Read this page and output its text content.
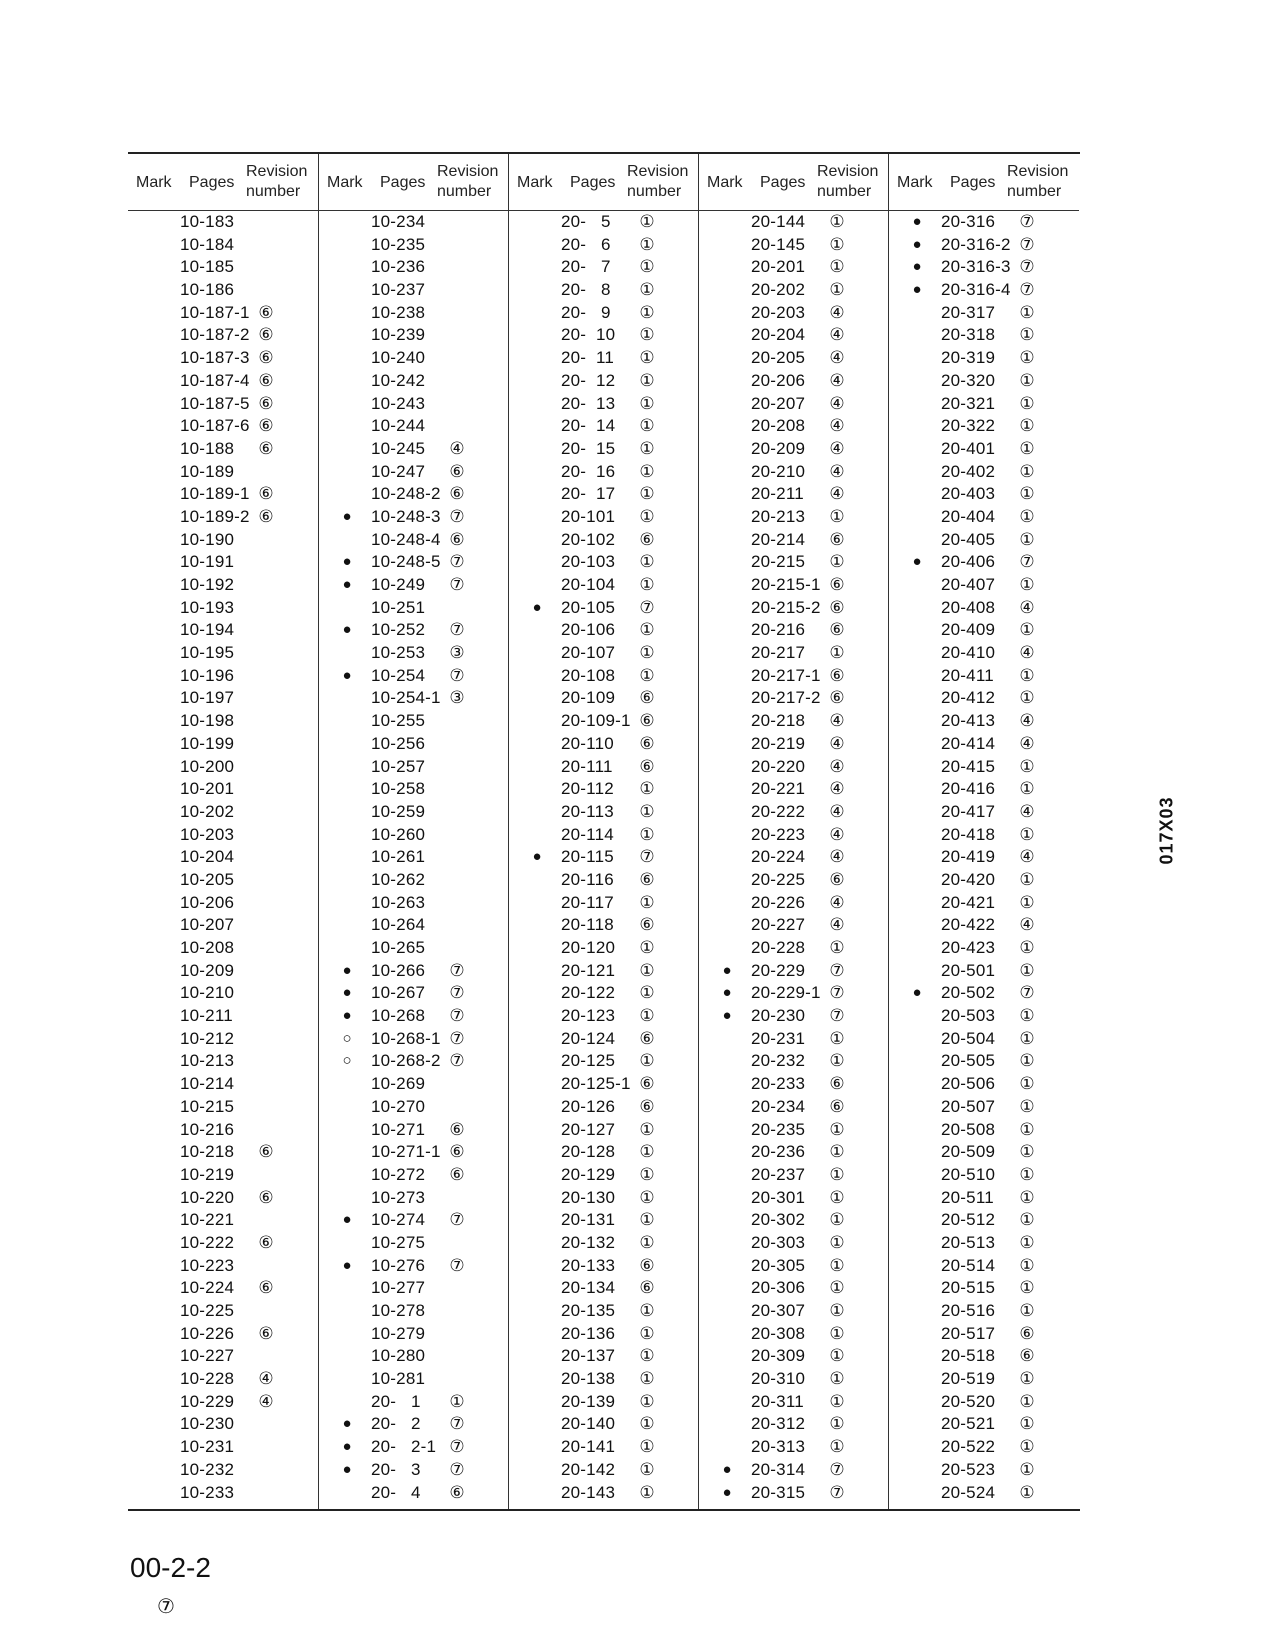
Mark Pages
Revision
number
10-183
10-184
10-185
10-186
10-187-1 ⑥
10-187-2 ⑥
10-187-3 ⑥
10-187-4 ⑥
10-187-5 ⑥
10-187-6 ⑥
10-188 ⑥
10-189
10-189-1 ⑥
10-189-2 ⑥
10-190
10-191
10-192
10-193
10-194
10-195
10-196
10-197
10-198
10-199
10-200
10-201
10-202
10-203
10-204
10-205
10-206
10-207
10-208
10-209
10-210
10-211
10-212
10-213
10-214
10-215
10-216
10-218 ⑥
10-219
10-220 ⑥
10-221
10-222 ⑥
10-223
10-224 ⑥
10-225
10-226 ⑥
10-227
10-228 ④
10-229 ④
10-230
10-231
10-232
10-233
Mark Pages
Revision
number
10-234
10-235
10-236
10-237
10-238
10-239
10-240
10-242
10-243
10-244
10-245 ④
10-247 ⑥
10-248-2 ⑥
● 10-248-3 ⑦
10-248-4 ⑥
● 10-248-5 ⑦
● 10-249 ⑦
10-251
● 10-252 ⑦
10-253 ③
● 10-254 ⑦
10-254-1 ③
10-255
10-256
10-257
10-258
10-259
10-260
10-261
10-262
10-263
10-264
10-265
● 10-266 ⑦
● 10-267 ⑦
● 10-268 ⑦
○ 10-268-1 ⑦
○ 10-268-2 ⑦
10-269
10-270
10-271 ⑥
10-271-1 ⑥
10-272 ⑥
10-273
● 10-274 ⑦
10-275
● 10-276 ⑦
10-277
10-278
10-279
10-280
10-281
20-   1 ①
● 20-   2 ⑦
● 20-   2-1 ⑦
● 20-   3 ⑦
20-   4 ⑥
Mark Pages
Revision
number
20-   5 ①
20-   6 ①
20-   7 ①
20-   8 ①
20-   9 ①
20-  10 ①
20-  11 ①
20-  12 ①
20-  13 ①
20-  14 ①
20-  15 ①
20-  16 ①
20-  17 ①
20-101 ①
20-102 ⑥
20-103 ①
20-104 ①
● 20-105 ⑦
20-106 ①
20-107 ①
20-108 ①
20-109 ⑥
20-109-1 ⑥
20-110 ⑥
20-111 ⑥
20-112 ①
20-113 ①
20-114 ①
● 20-115 ⑦
20-116 ⑥
20-117 ①
20-118 ⑥
20-120 ①
20-121 ①
20-122 ①
20-123 ①
20-124 ⑥
20-125 ①
20-125-1 ⑥
20-126 ⑥
20-127 ①
20-128 ①
20-129 ①
20-130 ①
20-131 ①
20-132 ①
20-133 ⑥
20-134 ⑥
20-135 ①
20-136 ①
20-137 ①
20-138 ①
20-139 ①
20-140 ①
20-141 ①
20-142 ①
20-143 ①
Mark Pages
Revision
number
20-144 ①
20-145 ①
20-201 ①
20-202 ①
20-203 ④
20-204 ④
20-205 ④
20-206 ④
20-207 ④
20-208 ④
20-209 ④
20-210 ④
20-211 ④
20-213 ①
20-214 ⑥
20-215 ①
20-215-1 ⑥
20-215-2 ⑥
20-216 ⑥
20-217 ①
20-217-1 ⑥
20-217-2 ⑥
20-218 ④
20-219 ④
20-220 ④
20-221 ④
20-222 ④
20-223 ④
20-224 ④
20-225 ⑥
20-226 ④
20-227 ④
20-228 ①
● 20-229 ⑦
● 20-229-1 ⑦
● 20-230 ⑦
20-231 ①
20-232 ①
20-233 ⑥
20-234 ⑥
20-235 ①
20-236 ①
20-237 ①
20-301 ①
20-302 ①
20-303 ①
20-305 ①
20-306 ①
20-307 ①
20-308 ①
20-309 ①
20-310 ①
20-311 ①
20-312 ①
20-313 ①
● 20-314 ⑦
● 20-315 ⑦
Mark Pages
Revision
number
● 20-316 ⑦
● 20-316-2 ⑦
● 20-316-3 ⑦
● 20-316-4 ⑦
20-317 ①
20-318 ①
20-319 ①
20-320 ①
20-321 ①
20-322 ①
20-401 ①
20-402 ①
20-403 ①
20-404 ①
20-405 ①
● 20-406 ⑦
20-407 ①
20-408 ④
20-409 ①
20-410 ④
20-411 ①
20-412 ①
20-413 ④
20-414 ④
20-415 ①
20-416 ①
20-417 ④
20-418 ①
20-419 ④
20-420 ①
20-421 ①
20-422 ④
20-423 ①
20-501 ①
● 20-502 ⑦
20-503 ①
20-504 ①
20-505 ①
20-506 ①
20-507 ①
20-508 ①
20-509 ①
20-510 ①
20-511 ①
20-512 ①
20-513 ①
20-514 ①
20-515 ①
20-516 ①
20-517 ⑥
20-518 ⑥
20-519 ①
20-520 ①
20-521 ①
20-522 ①
20-523 ①
20-524 ①
017X03
00-2-2
⑦
